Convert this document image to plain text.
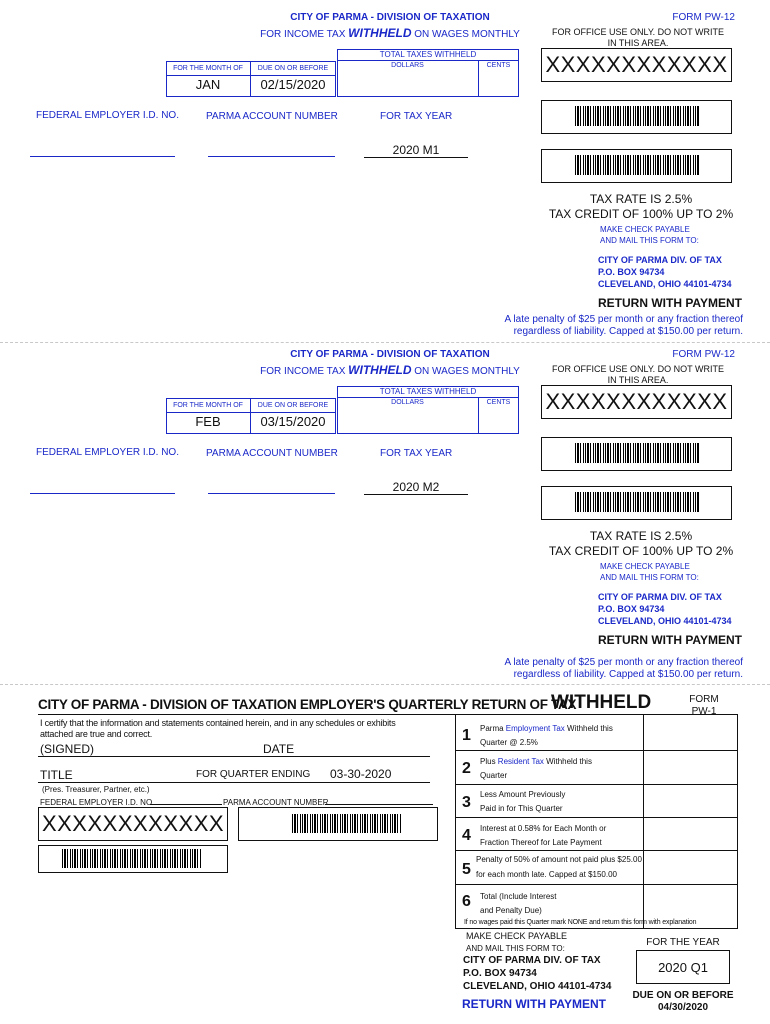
CITY OF PARMA - DIVISION OF TAXATION
FOR INCOME TAX WITHHELD ON WAGES MONTHLY
FORM PW-12
FOR OFFICE USE ONLY. DO NOT WRITE IN THIS AREA.
TOTAL TAXES WITHHELD
DOLLARS	CENTS
FOR THE MONTH OF	DUE ON OR BEFORE
JAN	02/15/2020
XXXXXXXXXXXX
FEDERAL EMPLOYER I.D. NO.	PARMA ACCOUNT NUMBER	FOR TAX YEAR
2020 M1
TAX RATE IS 2.5%
TAX CREDIT OF 100% UP TO 2%
MAKE CHECK PAYABLE
AND MAIL THIS FORM TO:
CITY OF PARMA DIV. OF TAX
P.O. BOX 94734
CLEVELAND, OHIO 44101-4734
RETURN WITH PAYMENT
A late penalty of $25 per month or any fraction thereof
regardless of liability. Capped at $150.00 per return.
CITY OF PARMA - DIVISION OF TAXATION
FOR INCOME TAX WITHHELD ON WAGES MONTHLY
FORM PW-12
FOR OFFICE USE ONLY. DO NOT WRITE IN THIS AREA.
TOTAL TAXES WITHHELD
DOLLARS	CENTS
FOR THE MONTH OF	DUE ON OR BEFORE
FEB	03/15/2020
XXXXXXXXXXXX
FEDERAL EMPLOYER I.D. NO.	PARMA ACCOUNT NUMBER	FOR TAX YEAR
2020 M2
TAX RATE IS 2.5%
TAX CREDIT OF 100% UP TO 2%
MAKE CHECK PAYABLE
AND MAIL THIS FORM TO:
CITY OF PARMA DIV. OF TAX
P.O. BOX 94734
CLEVELAND, OHIO 44101-4734
RETURN WITH PAYMENT
A late penalty of $25 per month or any fraction thereof
regardless of liability. Capped at $150.00 per return.
CITY OF PARMA - DIVISION OF TAXATION EMPLOYER'S QUARTERLY RETURN OF TAX
WITHHELD	FORM
PW-1
I certify that the information and statements contained herein, and in any schedules or exhibits attached are true and correct.
(SIGNED)	DATE
TITLE	FOR QUARTER ENDING 03-30-2020
(Pres. Treasurer, Partner, etc.)
FEDERAL EMPLOYER I.D. NO.	PARMA ACCOUNT NUMBER
XXXXXXXXXXXX
1 Parma Employment Tax Withheld this
Quarter @ 2.5%
2 Plus Resident Tax Withheld this
Quarter
3 Less Amount Previously
Paid in for This Quarter
4 Interest at 0.58% for Each Month or
Fraction Thereof for Late Payment
5
Penalty of 50% of amount not paid plus $25.00
for each month late. Capped at $150.00
6 Total (Include Interest
and Penalty Due)
If no wages paid this Quarter mark NONE and return this form with explanation
MAKE CHECK PAYABLE
AND MAIL THIS FORM TO:
CITY OF PARMA DIV. OF TAX
P.O. BOX 94734
CLEVELAND, OHIO 44101-4734
RETURN WITH PAYMENT
FOR THE YEAR
2020 Q1
DUE ON OR BEFORE
04/30/2020
